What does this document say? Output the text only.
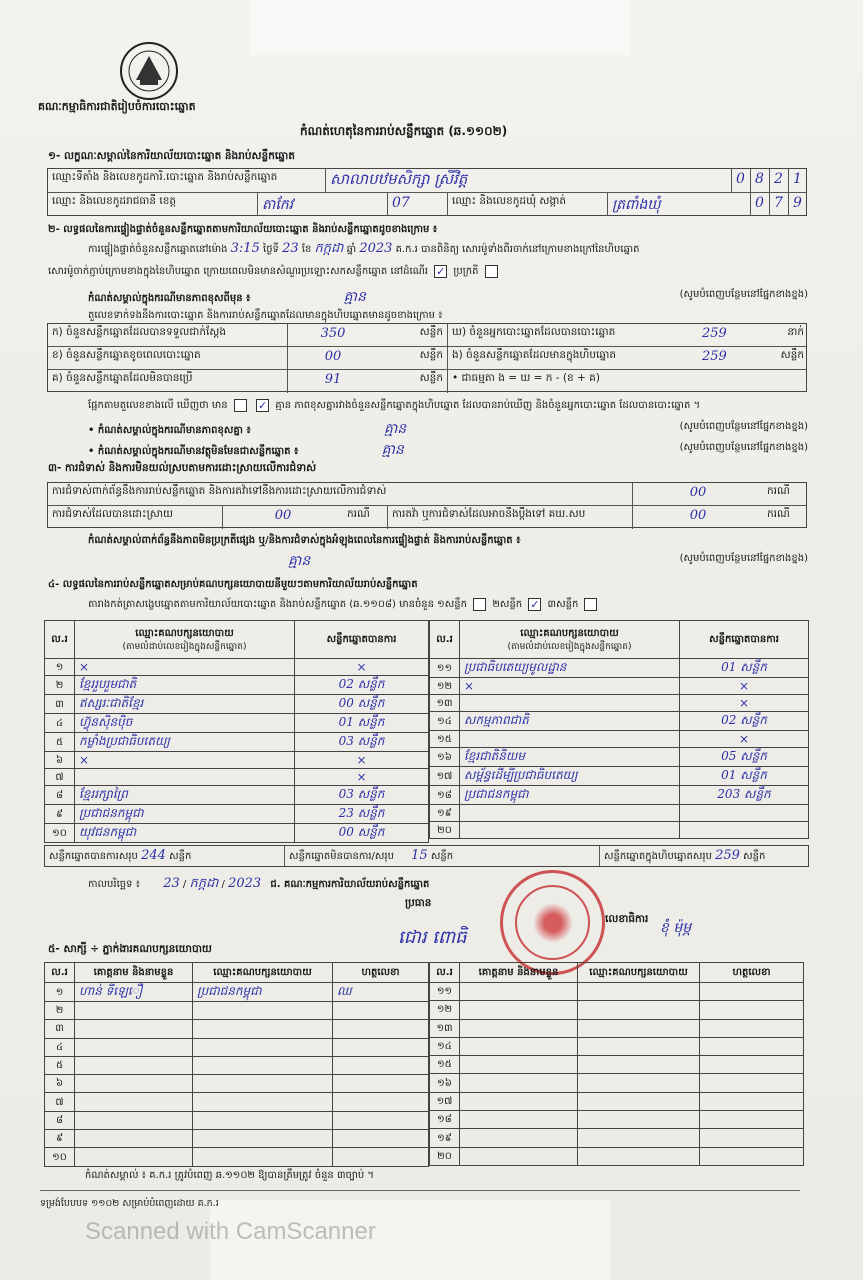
គណៈកម្មាធិការជាតិរៀបចំការបោះឆ្នោត
កំណត់ហេតុនៃការរាប់សន្លឹកឆ្នោត (ឆ.១១០២)
១- លក្ខណៈសម្គាល់នៃការិយាល័យបោះឆ្នោត និងរាប់សន្លឹកឆ្នោត
ឈ្មោះទីតាំង និងលេខកូដការិ.បោះឆ្នោត និងរាប់សន្លឹកឆ្នោត	សាលាបឋមសិក្សា ស្រីវិត្ត	0 8 2 1
ឈ្មោះ និងលេខកូដរាជធានី ខេត្ត	តាកែវ	07	ឈ្មោះ និងលេខកូដឃុំ សង្កាត់	ត្រពាំងឃុំ	0 7 9
២- លទ្ធផលនៃការផ្ទៀងផ្ទាត់ចំនួនសន្លឹកឆ្នោតតាមការិយាល័យបោះឆ្នោត និងរាប់សន្លឹកឆ្នោតដូចខាងក្រោម ៖
ការផ្ទៀងផ្ទាត់ចំនួនសន្លឹកឆ្នោតនៅម៉ោង 3:15 ថ្ងៃទី 23 ខែ កក្កដា ឆ្នាំ 2023 គ.ក.រ បានពិនិត្យ សោរម៉ូទាំងពីរចាក់នៅក្រោមខាងក្រៅនៃហិបឆ្នោត
សោរម៉ូចាក់ភ្ជាប់ក្រោមខាងក្នុងនៃហិបឆ្នោត ក្រោយពេលមិនមានសំណួរប្រឡោះសកសន្លឹកឆ្នោត នៅដំណើរ ✓ ប្រក្រតី
កំណត់សម្គាល់ក្នុងករណីមានភាពខុសពីមុន ៖	គ្មាន	(សូមបំពេញបន្ថែមនៅផ្នែកខាងខ្នង)
តួលេខទាក់ទងនឹងការបោះឆ្នោត និងការរាប់សន្លឹកឆ្នោតដែលមានក្នុងហិបឆ្នោតមានដូចខាងក្រោម ៖
ក) ចំនួនសន្លឹកឆ្នោតដែលបានទទួលជាក់ស្តែង	350	សន្លឹក ឃ) ចំនួនអ្នកបោះឆ្នោតដែលបានបោះឆ្នោត	259	នាក់
ខ) ចំនួនសន្លឹកឆ្នោតខូចពេលបោះឆ្នោត	00	សន្លឹក ង) ចំនួនសន្លឹកឆ្នោតដែលមានក្នុងហិបឆ្នោត	259	សន្លឹក
គ) ចំនួនសន្លឹកឆ្នោតដែលមិនបានប្រើ	91	សន្លឹក • ជាធម្មតា ង = ឃ = ក - (ខ + គ)
ផ្អែកតាមតួលេខខាងលើ ឃើញថា មាន	✓ គ្មាន ភាពខុសគ្នារវាងចំនួនសន្លឹកឆ្នោតក្នុងហិបឆ្នោត ដែលបានរាប់ឃើញ និងចំនួនអ្នកបោះឆ្នោត ដែលបានបោះឆ្នោត ។
• កំណត់សម្គាល់ក្នុងករណីមានភាពខុសគ្នា ៖	គ្មាន	(សូមបំពេញបន្ថែមនៅផ្នែកខាងខ្នង)
• កំណត់សម្គាល់ក្នុងករណីមានវត្ថុមិនមែនជាសន្លឹកឆ្នោត ៖	គ្មាន	(សូមបំពេញបន្ថែមនៅផ្នែកខាងខ្នង)
៣- ការជំទាស់ និងការមិនយល់ស្របតាមការដោះស្រាយលើការជំទាស់
ការជំទាស់ពាក់ព័ន្ធនឹងការរាប់សន្លឹកឆ្នោត និងការតវ៉ាទៅនឹងការដោះស្រាយលើការជំទាស់	00	ករណី
ការជំទាស់ដែលបានដោះស្រាយ	00	ករណី	ការតវ៉ា ឬការជំទាស់ដែលអាចនឹងប្តឹងទៅ គឃ.សប	00	ករណី
កំណត់សម្គាល់ពាក់ព័ន្ធនឹងភាពមិនប្រក្រតីផ្សេង ឬ/និងការជំទាស់ក្នុងអំឡុងពេលនៃការផ្ទៀងផ្ទាត់ និងការរាប់សន្លឹកឆ្នោត ៖
គ្មាន	(សូមបំពេញបន្ថែមនៅផ្នែកខាងខ្នង)
៤- លទ្ធផលនៃការរាប់សន្លឹកឆ្នោតសម្រាប់គណបក្សនយោបាយនីមួយៗតាមការិយាល័យរាប់សន្លឹកឆ្នោត
តារាងកត់ត្រាសង្ខេបឆ្នោតតាមការិយាល័យបោះឆ្នោត និងរាប់សន្លឹកឆ្នោត (ឆ.១១០៨) មានចំនួន ១សន្លឹក	២សន្លឹក ✓ ៣សន្លឹក
ល.រ	ឈ្មោះគណបក្សនយោបាយ
(តាមលំដាប់លេខរៀងក្នុងសន្លឹកឆ្នោត)	សន្លឹកឆ្នោតបានការ
១	×	×
២	ខ្មែររួបរួមជាតិ	02 សន្លឹក
៣	ឥស្សរៈជាតិខ្មែរ	00 សន្លឹក
៤	ហ៊្វុនស៊ិនប៉ិច	01 សន្លឹក
៥	កម្លាំងប្រជាធិបតេយ្យ	03 សន្លឹក
៦	×	×
៧		×
៨	ខ្មែររក្សាព្រៃ	03 សន្លឹក
៩	ប្រជាជនកម្ពុជា	23 សន្លឹក
១០	យុវជនកម្ពុជា	00 សន្លឹក
ល.រ	ឈ្មោះគណបក្សនយោបាយ
(តាមលំដាប់លេខរៀងក្នុងសន្លឹកឆ្នោត)	សន្លឹកឆ្នោតបានការ
១១	ប្រជាធិបតេយ្យមូលដ្ឋាន	01 សន្លឹក
១២	×	×
១៣		×
១៤	សកម្មភាពជាតិ	02 សន្លឹក
១៥		×
១៦	ខ្មែរជាតិនិយម	05 សន្លឹក
១៧	សម្ព័ន្ធដើម្បីប្រជាធិបតេយ្យ	01 សន្លឹក
១៨	ប្រជាជនកម្ពុជា	203 សន្លឹក
១៩		
២០		
សន្លឹកឆ្នោតបានការសរុប 244 សន្លឹក	សន្លឹកឆ្នោតមិនបានការ/សរុប 15 សន្លឹក	សន្លឹកឆ្នោតក្នុងហិបឆ្នោតសរុប 259 សន្លឹក
កាលបរិច្ឆេទ ៖ 23 / កក្កដា / 2023 ជ. គណៈកម្មការការិយាល័យរាប់សន្លឹកឆ្នោត
ប្រធាន
លេខាធិការ
ជោរ ពោធិ	ខុំ ម៉ុម្ភ
៥- សាក្សី ÷ ភ្នាក់ងារគណបក្សនយោបាយ
ល.រ	គោត្តនាម និងនាមខ្លួន	ឈ្មោះគណបក្សនយោបាយ	ហត្ថលេខា
១	ហាន់ ទីឡេឿ	ប្រជាជនកម្ពុជា	ឈ
២			
៣			
៤			
៥			
៦			
៧			
៨			
៩			
១០			
ល.រ	គោត្តនាម និងនាមខ្លួន	ឈ្មោះគណបក្សនយោបាយ	ហត្ថលេខា
១១			
១២			
១៣			
១៤			
១៥			
១៦			
១៧			
១៨			
១៩			
២០			
កំណត់សម្គាល់ ៖ គ.ក.រ ត្រូវបំពេញ ឆ.១១០២ ឱ្យបានត្រឹមត្រូវ ចំនួន ៣ច្បាប់ ។
ទម្រង់បែបបទ ១១០២ សម្រាប់បំពេញដោយ គ.ក.រ
Scanned with CamScanner
